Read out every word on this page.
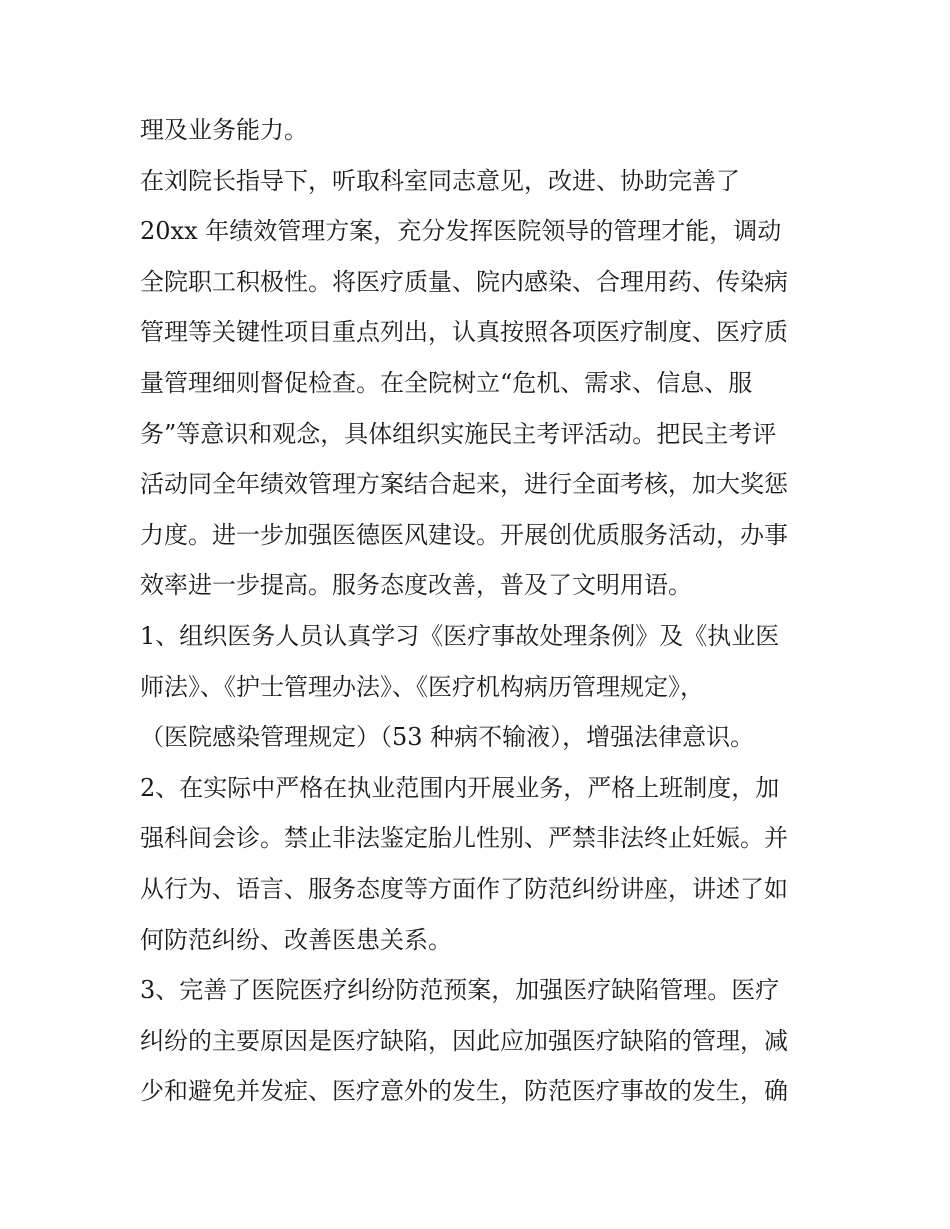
理及业务能力。
在刘院长指导下，听取科室同志意见，改进、协助完善了
20xx 年绩效管理方案，充分发挥医院领导的管理才能，调动
全院职工积极性。将医疗质量、院内感染、合理用药、传染病
管理等关键性项目重点列出，认真按照各项医疗制度、医疗质
量管理细则督促检查。在全院树立“危机、需求、信息、服
务”等意识和观念，具体组织实施民主考评活动。把民主考评
活动同全年绩效管理方案结合起来，进行全面考核，加大奖惩
力度。进一步加强医德医风建设。开展创优质服务活动，办事
效率进一步提高。服务态度改善，普及了文明用语。
1、组织医务人员认真学习《医疗事故处理条例》及《执业医
师法》、《护士管理办法》、《医疗机构病历管理规定》，
（医院感染管理规定）（53 种病不输液），增强法律意识。
2、在实际中严格在执业范围内开展业务，严格上班制度，加
强科间会诊。禁止非法鉴定胎儿性别、严禁非法终止妊娠。并
从行为、语言、服务态度等方面作了防范纠纷讲座，讲述了如
何防范纠纷、改善医患关系。
3、完善了医院医疗纠纷防范预案，加强医疗缺陷管理。医疗
纠纷的主要原因是医疗缺陷，因此应加强医疗缺陷的管理，减
少和避免并发症、医疗意外的发生，防范医疗事故的发生，确
